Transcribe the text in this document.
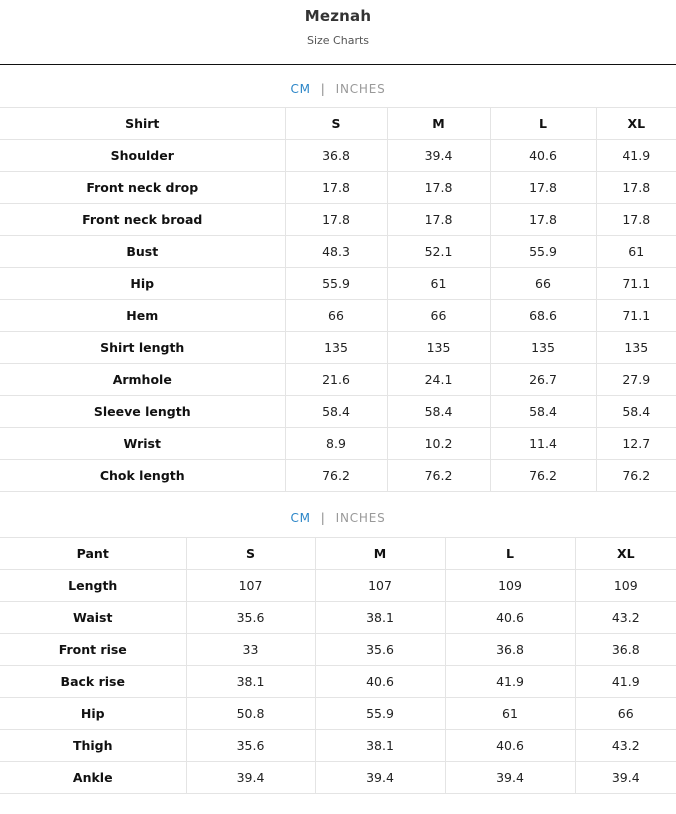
Meznah
Size Charts
CM | INCHES
Shirt	S	M	L	XL
Shoulder	36.8	39.4	40.6	41.9
Front neck drop	17.8	17.8	17.8	17.8
Front neck broad	17.8	17.8	17.8	17.8
Bust	48.3	52.1	55.9	61
Hip	55.9	61	66	71.1
Hem	66	66	68.6	71.1
Shirt length	135	135	135	135
Armhole	21.6	24.1	26.7	27.9
Sleeve length	58.4	58.4	58.4	58.4
Wrist	8.9	10.2	11.4	12.7
Chok length	76.2	76.2	76.2	76.2
CM | INCHES
Pant	S	M	L	XL
Length	107	107	109	109
Waist	35.6	38.1	40.6	43.2
Front rise	33	35.6	36.8	36.8
Back rise	38.1	40.6	41.9	41.9
Hip	50.8	55.9	61	66
Thigh	35.6	38.1	40.6	43.2
Ankle	39.4	39.4	39.4	39.4
